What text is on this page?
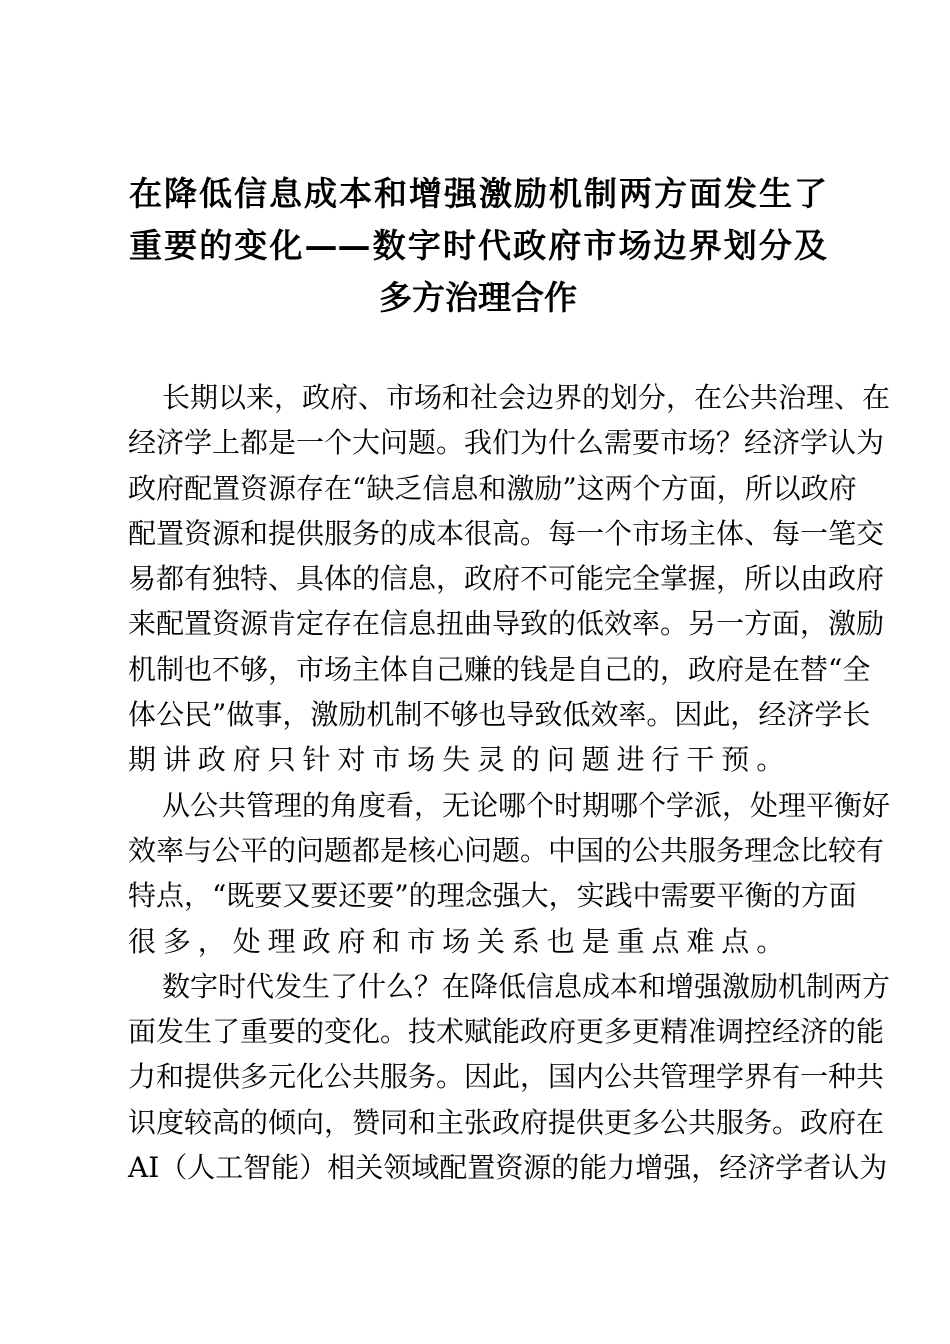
在降低信息成本和增强激励机制两方面发生了
重要的变化——数字时代政府市场边界划分及
多方治理合作
长期以来，政府、市场和社会边界的划分，在公共治理、在
经济学上都是一个大问题。我们为什么需要市场？经济学认为
政府配置资源存在“缺乏信息和激励”这两个方面，所以政府
配置资源和提供服务的成本很高。每一个市场主体、每一笔交
易都有独特、具体的信息，政府不可能完全掌握，所以由政府
来配置资源肯定存在信息扭曲导致的低效率。另一方面，激励
机制也不够，市场主体自己赚的钱是自己的，政府是在替“全
体公民”做事，激励机制不够也导致低效率。因此，经济学长
期讲政府只针对市场失灵的问题进行干预。
从公共管理的角度看，无论哪个时期哪个学派，处理平衡好
效率与公平的问题都是核心问题。中国的公共服务理念比较有
特点，“既要又要还要”的理念强大，实践中需要平衡的方面
很多，处理政府和市场关系也是重点难点。
数字时代发生了什么？在降低信息成本和增强激励机制两方
面发生了重要的变化。技术赋能政府更多更精准调控经济的能
力和提供多元化公共服务。因此，国内公共管理学界有一种共
识度较高的倾向，赞同和主张政府提供更多公共服务。政府在
AI（人工智能）相关领域配置资源的能力增强，经济学者认为
